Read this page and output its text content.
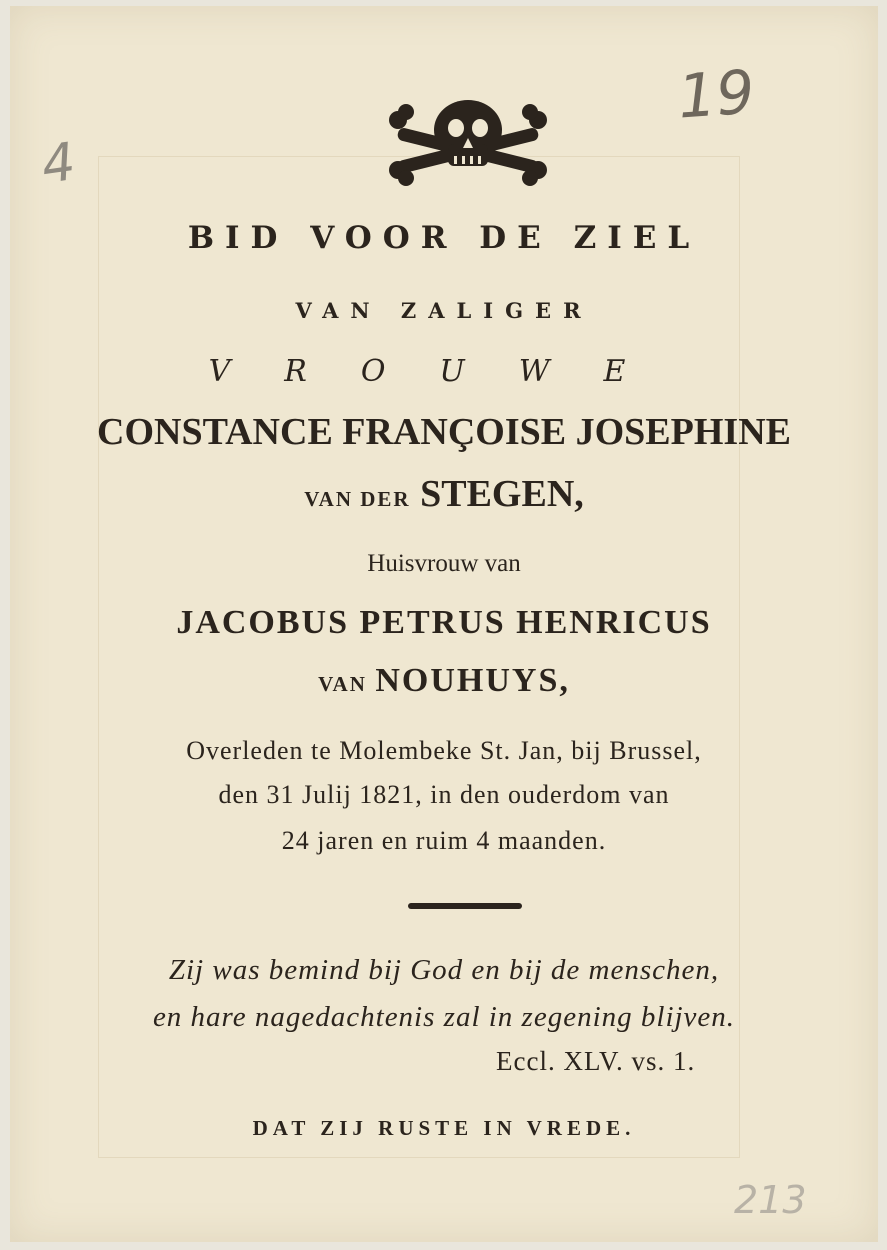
4
19
BID VOOR DE ZIEL
VAN ZALIGER
VROUWE
CONSTANCE FRANÇOISE JOSEPHINE
VAN DER STEGEN,
Huisvrouw van
JACOBUS PETRUS HENRICUS
VAN NOUHUYS,
Overleden te Molembeke St. Jan, bij Brussel,
den 31 Julij 1821, in den ouderdom van
24 jaren en ruim 4 maanden.
Zij was bemind bij God en bij de menschen,
en hare nagedachtenis zal in zegening blijven.
Eccl. XLV. vs. 1.
DAT ZIJ RUSTE IN VREDE.
213
